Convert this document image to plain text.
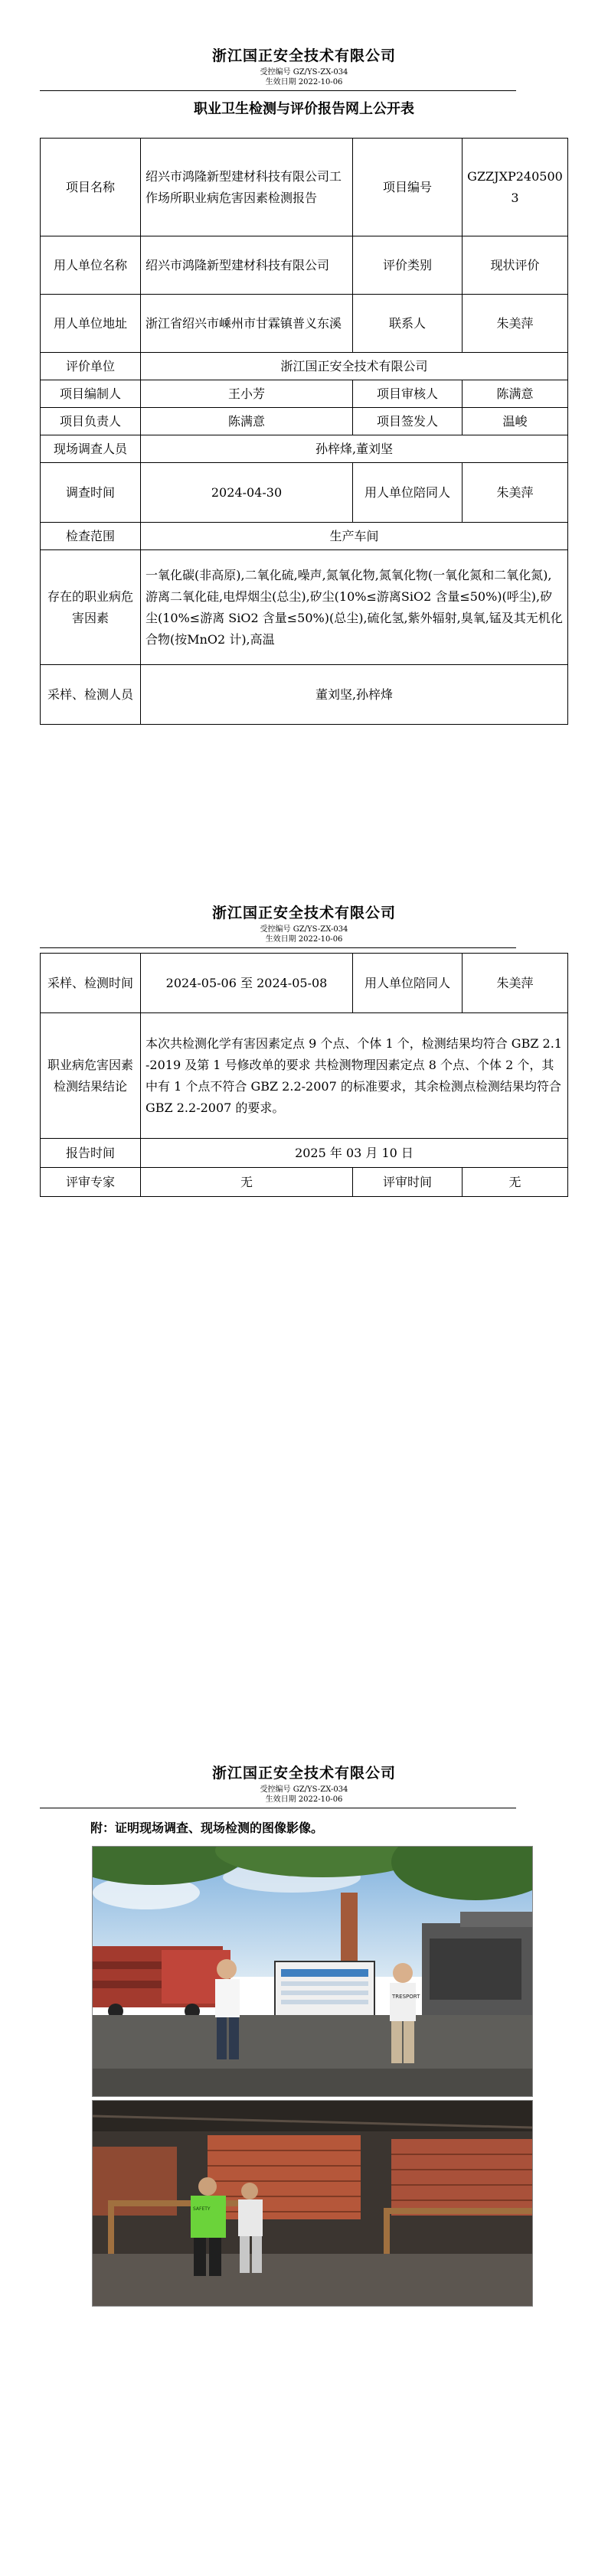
浙江国正安全技术有限公司
受控编号 GZ/YS-ZX-034
生效日期 2022-10-06
职业卫生检测与评价报告网上公开表
项目名称	绍兴市鸿隆新型建材科技有限公司工作场所职业病危害因素检测报告	项目编号	GZZJXP2405003
用人单位名称	绍兴市鸿隆新型建材科技有限公司	评价类别	现状评价
用人单位地址	浙江省绍兴市嵊州市甘霖镇普义东溪	联系人	朱美萍
评价单位	浙江国正安全技术有限公司		
项目编制人	王小芳	项目审核人	陈满意
项目负责人	陈满意	项目签发人	温峻
现场调查人员	孙梓烽,董刘坚		
调查时间	2024-04-30	用人单位陪同人	朱美萍
检查范围	生产车间		
存在的职业病危害因素	一氧化碳(非高原),二氧化硫,噪声,氮氧化物,氮氧化物(一氧化氮和二氧化氮),游离二氧化硅,电焊烟尘(总尘),矽尘(10%≤游离SiO2 含量≤50%)(呼尘),矽尘(10%≤游离 SiO2 含量≤50%)(总尘),硫化氢,紫外辐射,臭氧,锰及其无机化合物(按MnO2 计),高温		
采样、检测人员	董刘坚,孙梓烽		
浙江国正安全技术有限公司
受控编号 GZ/YS-ZX-034
生效日期 2022-10-06
采样、检测时间	2024-05-06 至 2024-05-08	用人单位陪同人	朱美萍
职业病危害因素检测结果结论	本次共检测化学有害因素定点 9 个点、个体 1 个，检测结果均符合 GBZ 2.1-2019 及第 1 号修改单的要求 共检测物理因素定点 8 个点、个体 2 个，其中有 1 个点不符合 GBZ 2.2-2007 的标准要求，其余检测点检测结果均符合 GBZ 2.2-2007 的要求。		
报告时间	2025 年 03 月 10 日		
评审专家	无	评审时间	无
浙江国正安全技术有限公司
受控编号 GZ/YS-ZX-034
生效日期 2022-10-06
附：证明现场调查、现场检测的图像影像。
TRESPORT
SAFETY
